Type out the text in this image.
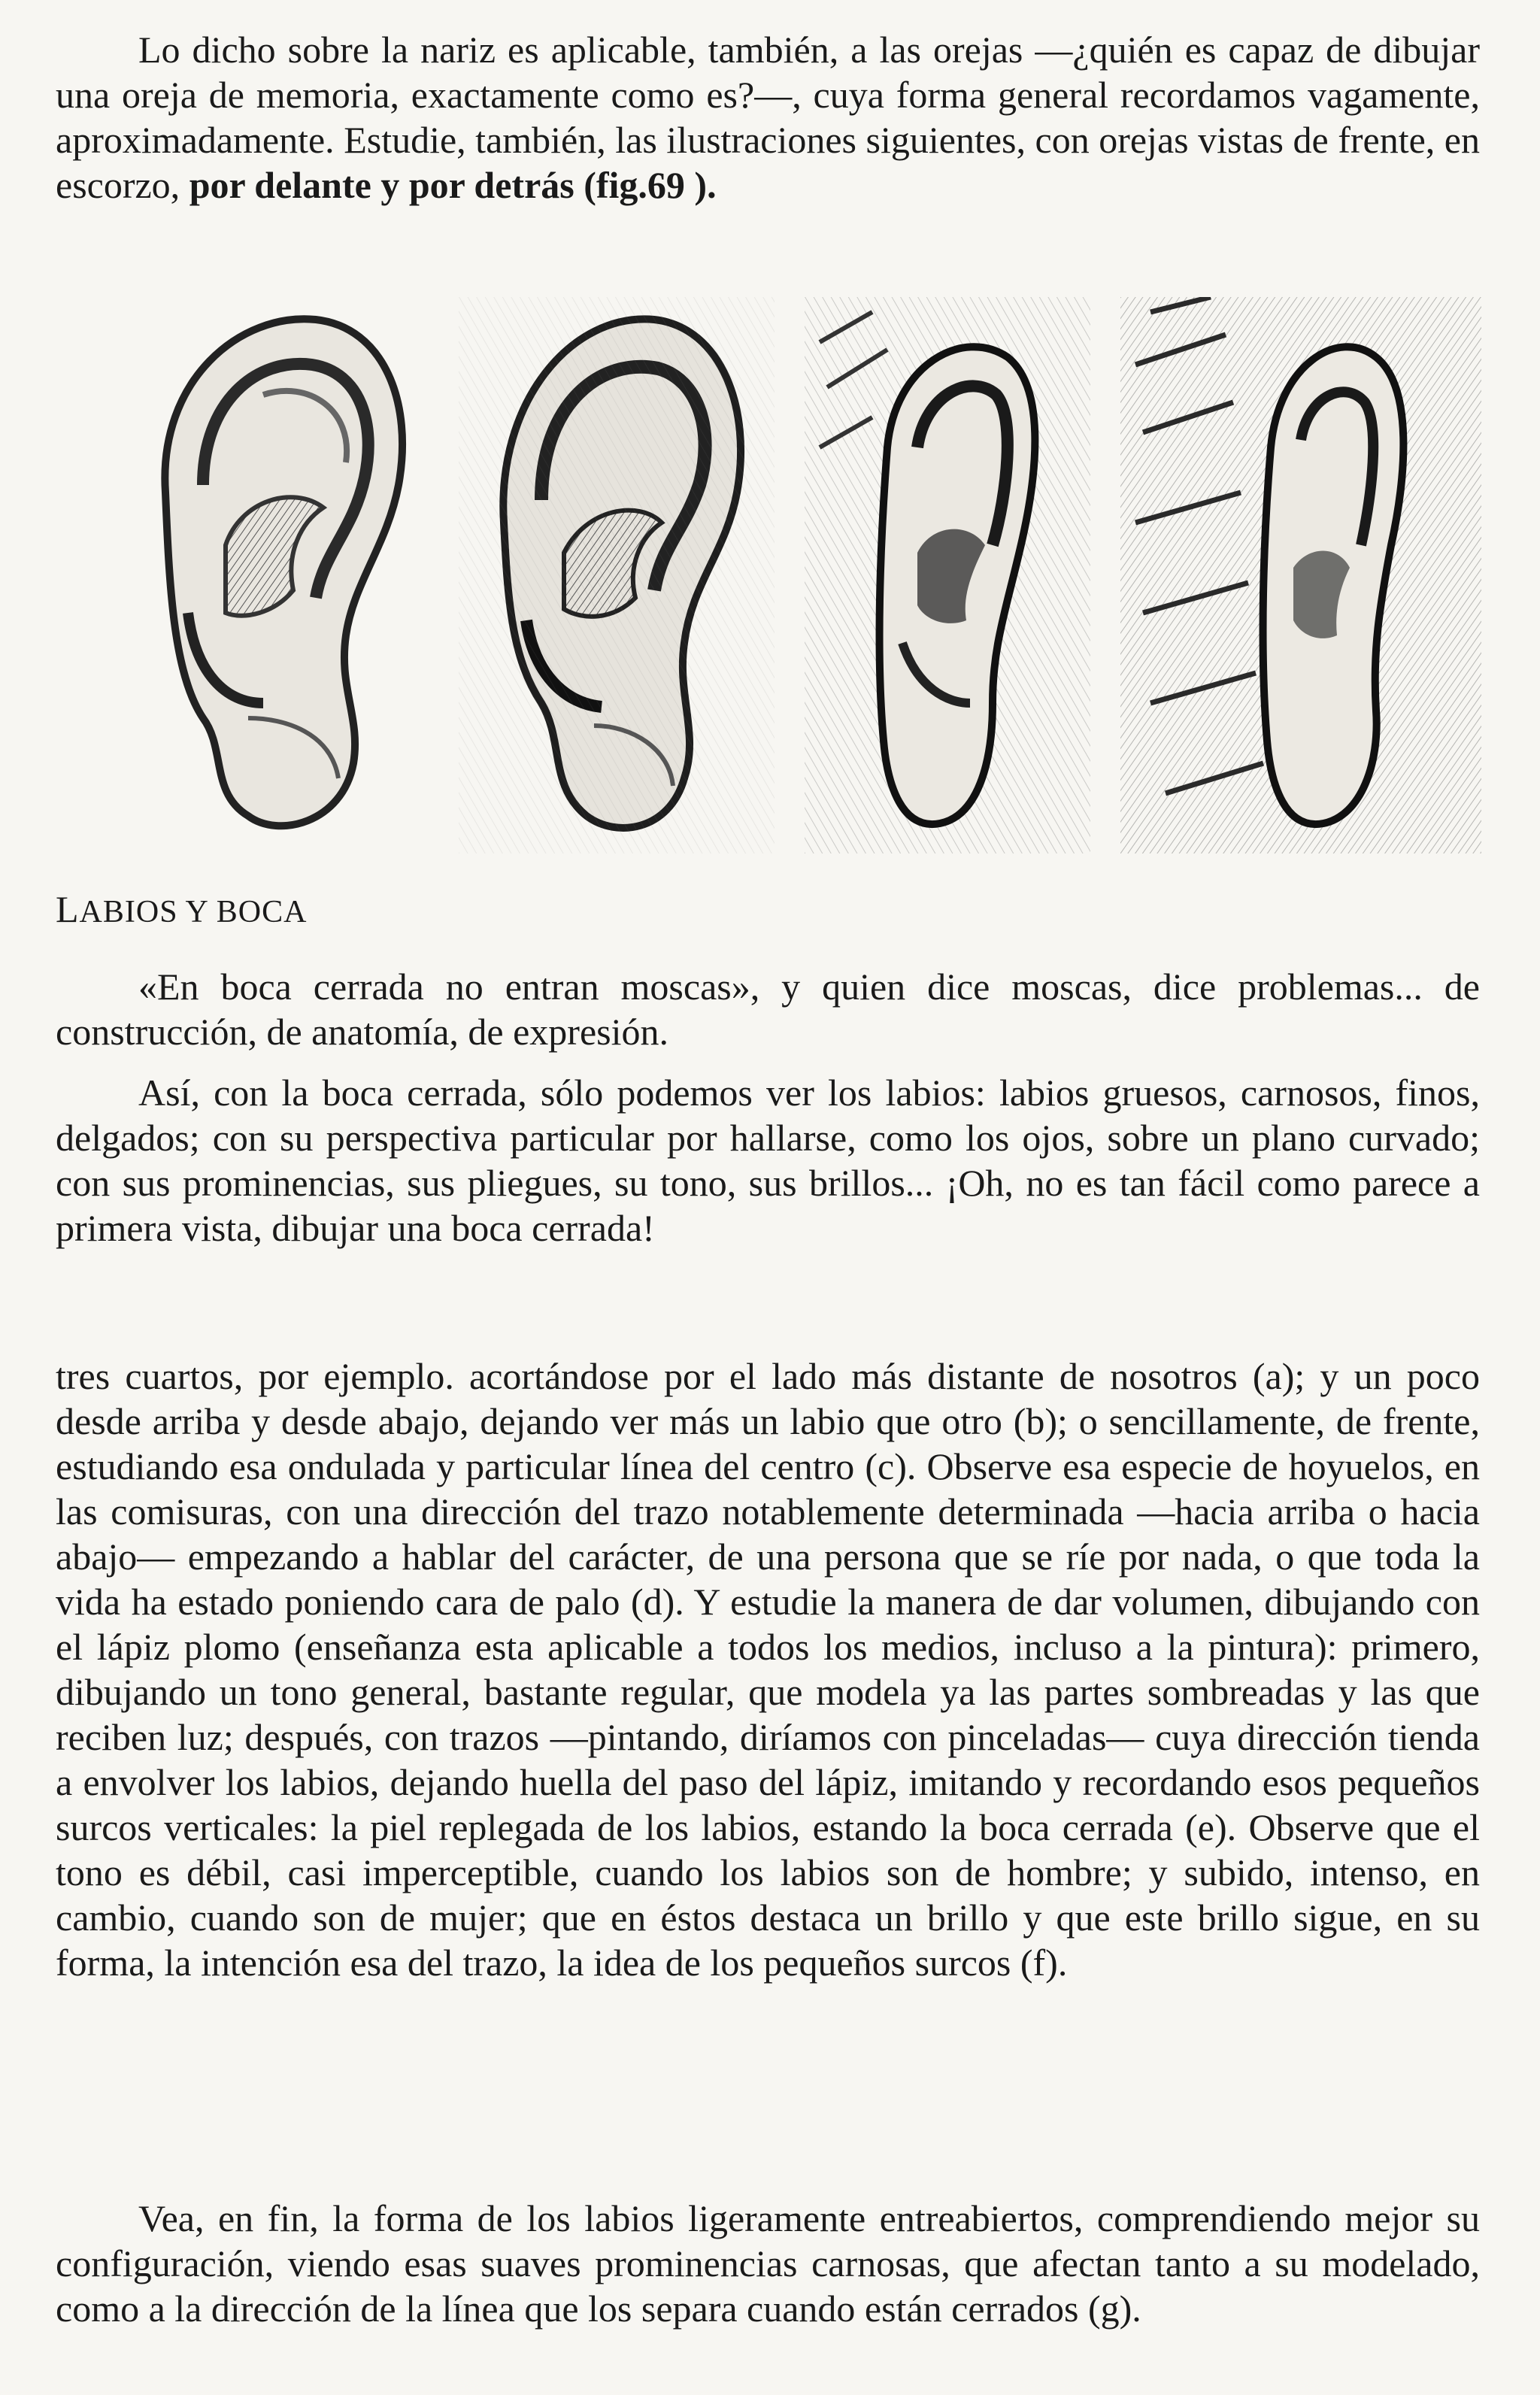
Lo dicho sobre la nariz es aplicable, también, a las orejas —¿quién es capaz de dibujar una oreja de memoria, exactamente como es?—, cuya forma general recordamos vagamente, aproximadamente. Estudie, también, las ilustraciones siguientes, con orejas vistas de frente, en escorzo, por delante y por detrás (fig.69 ).

LABIOS Y BOCA

«En boca cerrada no entran moscas», y quien dice moscas, dice problemas... de construcción, de anatomía, de expresión.

Así, con la boca cerrada, sólo podemos ver los labios: labios gruesos, carnosos, finos, delgados; con su perspectiva particular por hallarse, como los ojos, sobre un plano curvado; con sus prominencias, sus pliegues, su tono, sus brillos... ¡Oh, no es tan fácil como parece a primera vista, dibujar una boca cerrada!

tres cuartos, por ejemplo. acortándose por el lado más distante de nosotros (a); y un poco desde arriba y desde abajo, dejando ver más un labio que otro (b); o sencillamente, de frente, estudiando esa ondulada y particular línea del centro (c). Observe esa especie de hoyuelos, en las comisuras, con una dirección del trazo notablemente determinada —hacia arriba o hacia abajo— empezando a hablar del carácter, de una persona que se ríe por nada, o que toda la vida ha estado poniendo cara de palo (d). Y estudie la manera de dar volumen, dibujando con el lápiz plomo (enseñanza esta aplicable a todos los medios, incluso a la pintura): primero, dibujando un tono general, bastante regular, que modela ya las partes sombreadas y las que reciben luz; después, con trazos —pintando, diríamos con pinceladas— cuya dirección tienda a envolver los labios, dejando huella del paso del lápiz, imitando y recordando esos pequeños surcos verticales: la piel replegada de los labios, estando la boca cerrada (e). Observe que el tono es débil, casi imperceptible, cuando los labios son de hombre; y subido, intenso, en cambio, cuando son de mujer; que en éstos destaca un brillo y que este brillo sigue, en su forma, la intención esa del trazo, la idea de los pequeños surcos (f).

Vea, en fin, la forma de los labios ligeramente entreabiertos, comprendiendo mejor su configuración, viendo esas suaves prominencias carnosas, que afectan tanto a su modelado, como a la dirección de la línea que los separa cuando están cerrados (g).
